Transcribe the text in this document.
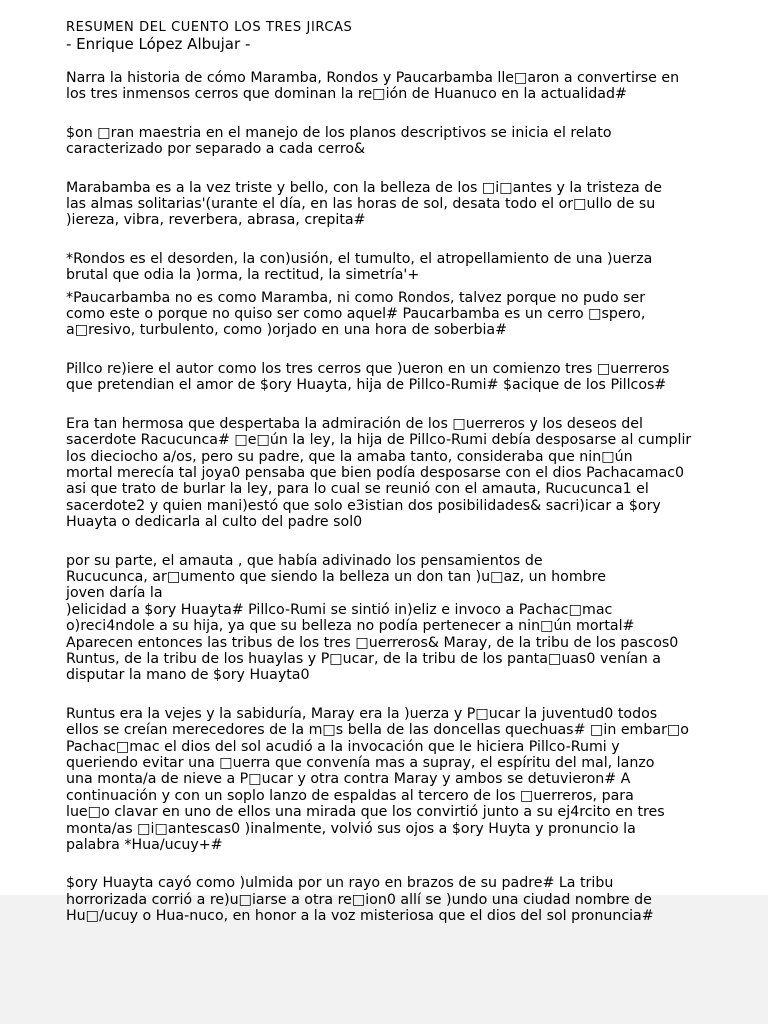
RESUMEN DEL CUENTO LOS TRES JIRCAS
- Enrique López Albujar -

Narra la historia de cómo Maramba, Rondos y Paucarbamba lle□aron a convertirse en
los tres inmensos cerros que dominan la re□ión de Huanuco en la actualidad#

$on □ran maestria en el manejo de los planos descriptivos se inicia el relato
caracterizado por separado a cada cerro&

Marabamba es a la vez triste y bello, con la belleza de los □i□antes y la tristeza de
las almas solitarias'(urante el día, en las horas de sol, desata todo el or□ullo de su
)iereza, vibra, reverbera, abrasa, crepita#

*Rondos es el desorden, la con)usión, el tumulto, el atropellamiento de una )uerza
brutal que odia la )orma, la rectitud, la simetría'+

*Paucarbamba no es como Maramba, ni como Rondos, talvez porque no pudo ser
como este o porque no quiso ser como aquel# Paucarbamba es un cerro □spero,
a□resivo, turbulento, como )orjado en una hora de soberbia#

Pillco re)iere el autor como los tres cerros que )ueron en un comienzo tres □uerreros
que pretendian el amor de $ory Huayta, hija de Pillco-Rumi# $acique de los Pillcos#

Era tan hermosa que despertaba la admiración de los □uerreros y los deseos del
sacerdote Racucunca# □e□ún la ley, la hija de Pillco-Rumi debía desposarse al cumplir
los dieciocho a/os, pero su padre, que la amaba tanto, consideraba que nin□ún
mortal merecía tal joya0 pensaba que bien podía desposarse con el dios Pachacamac0
asi que trato de burlar la ley, para lo cual se reunió con el amauta, Rucucunca1 el
sacerdote2 y quien mani)estó que solo e3istian dos posibilidades& sacri)icar a $ory
Huayta o dedicarla al culto del padre sol0

por su parte, el amauta , que había adivinado los pensamientos de
Rucucunca, ar□umento que siendo la belleza un don tan )u□az, un hombre
joven daría la
)elicidad a $ory Huayta# Pillco-Rumi se sintió in)eliz e invoco a Pachac□mac
o)reci4ndole a su hija, ya que su belleza no podía pertenecer a nin□ún mortal#
Aparecen entonces las tribus de los tres □uerreros& Maray, de la tribu de los pascos0
Runtus, de la tribu de los huaylas y P□ucar, de la tribu de los panta□uas0 venían a
disputar la mano de $ory Huayta0

Runtus era la vejes y la sabiduría, Maray era la )uerza y P□ucar la juventud0 todos
ellos se creían merecedores de la m□s bella de las doncellas quechuas# □in embar□o
Pachac□mac el dios del sol acudió a la invocación que le hiciera Pillco-Rumi y
queriendo evitar una □uerra que convenía mas a supray, el espíritu del mal, lanzo
una monta/a de nieve a P□ucar y otra contra Maray y ambos se detuvieron# A
continuación y con un soplo lanzo de espaldas al tercero de los □uerreros, para
lue□o clavar en uno de ellos una mirada que los convirtió junto a su ej4rcito en tres
monta/as □i□antescas0 )inalmente, volvió sus ojos a $ory Huyta y pronuncio la
palabra *Hua/ucuy+#

$ory Huayta cayó como )ulmida por un rayo en brazos de su padre# La tribu
horrorizada corrió a re)u□iarse a otra re□ion0 allí se )undo una ciudad nombre de
Hu□/ucuy o Hua-nuco, en honor a la voz misteriosa que el dios del sol pronuncia#
